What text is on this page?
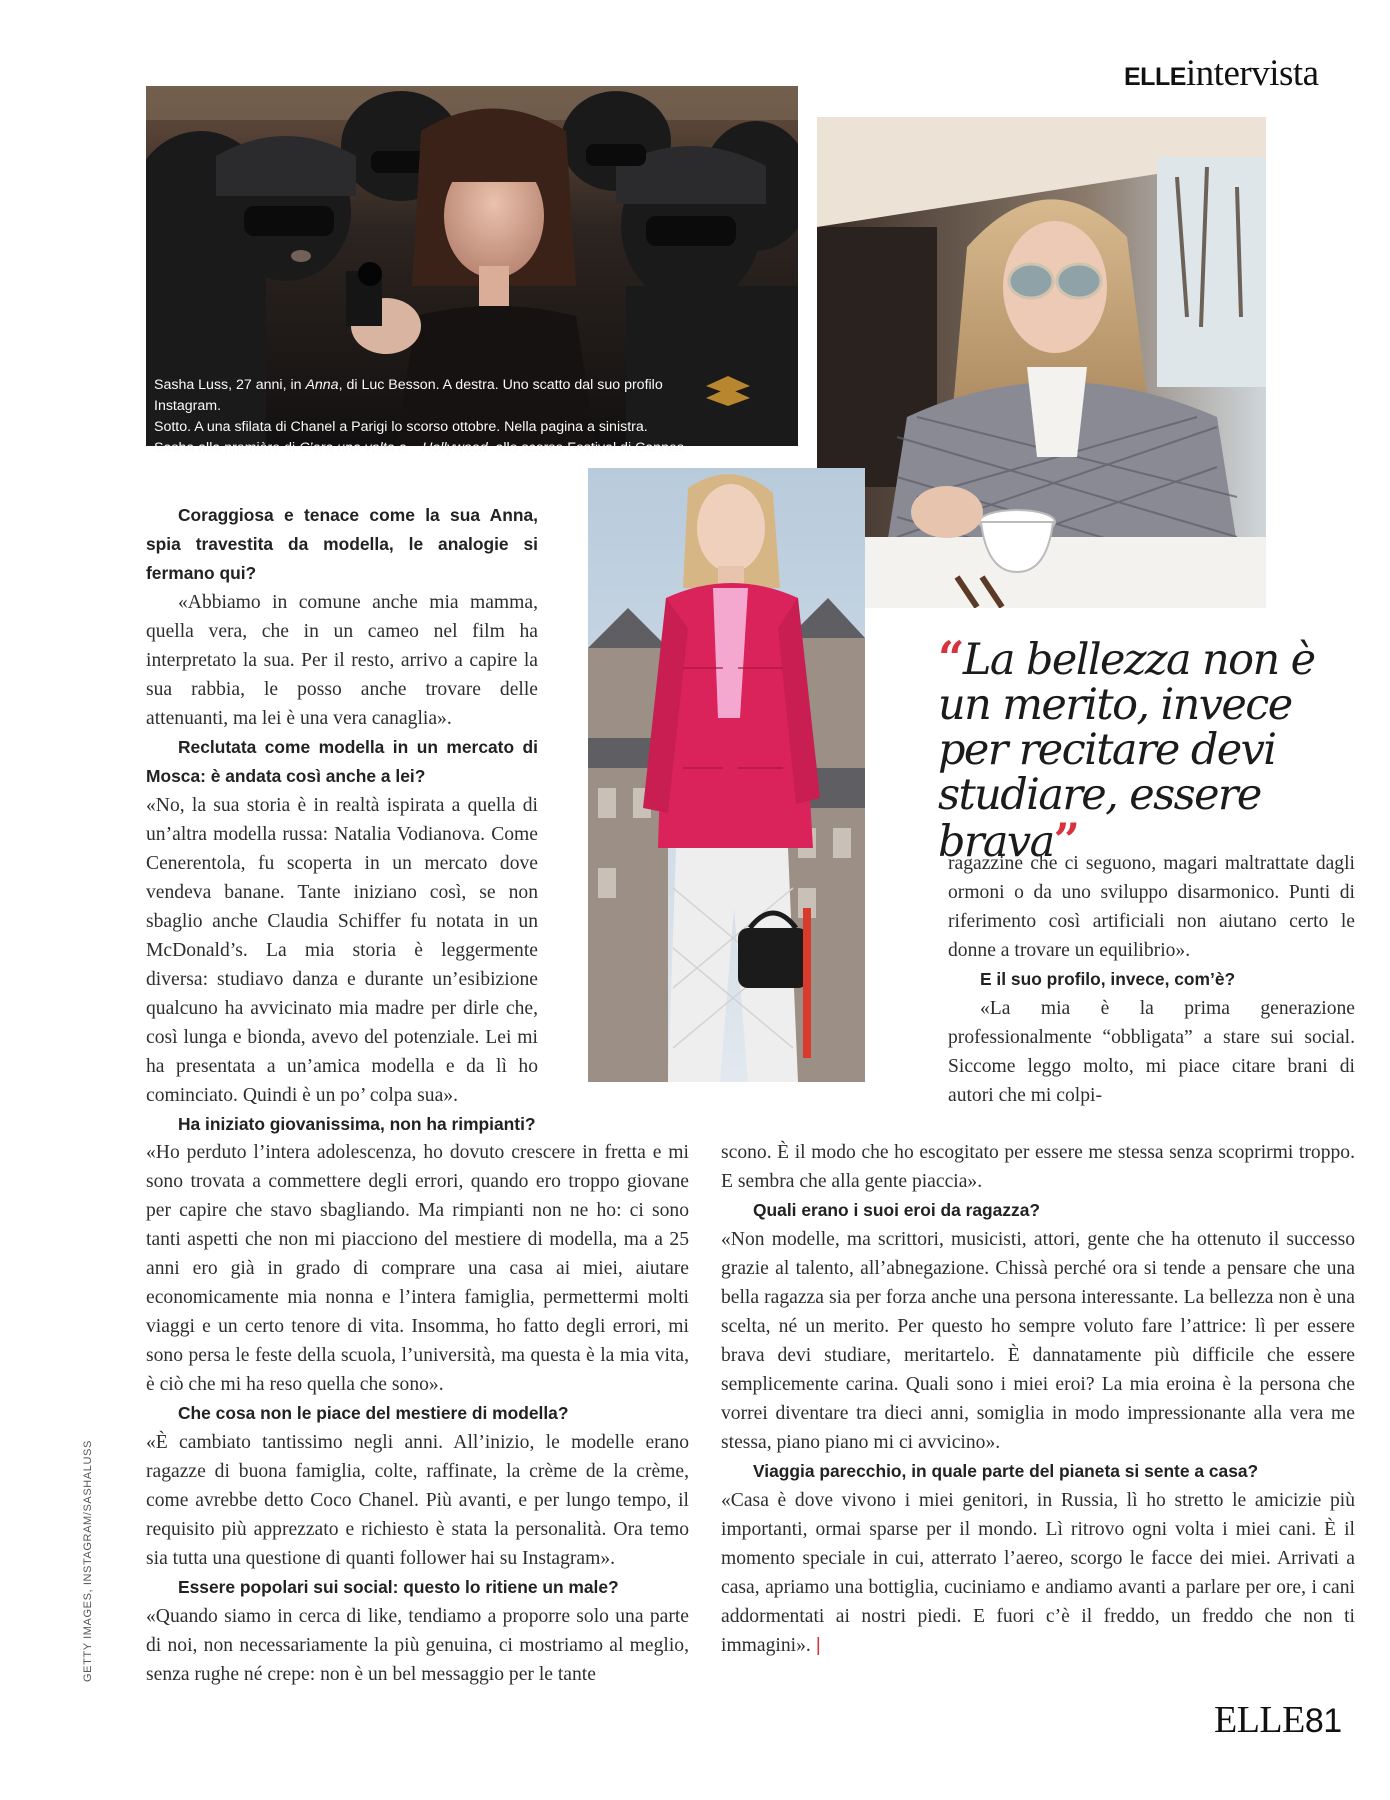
ELLEintervista
Sasha Luss, 27 anni, in Anna, di Luc Besson. A destra. Uno scatto dal suo profilo Instagram.
Sotto. A una sfilata di Chanel a Parigi lo scorso ottobre. Nella pagina a sinistra.
Sasha alla première di C’era una volta a... Hollywood, allo scorso Festival di Cannes.
“La bellezza non è un merito, invece per recitare devi studiare, essere brava”

Coraggiosa e tenace come la sua Anna, spia travestita da modella, le analogie si fermano qui?

«Abbiamo in comune anche mia mamma, quella vera, che in un cameo nel film ha interpretato la sua. Per il resto, arrivo a capire la sua rabbia, le posso anche trovare delle attenuanti, ma lei è una vera canaglia».

Reclutata come modella in un mercato di Mosca: è andata così anche a lei?

«No, la sua storia è in realtà ispirata a quella di un’altra modella russa: Natalia Vodianova. Come Cenerentola, fu scoperta in un mercato dove vendeva banane. Tante iniziano così, se non sbaglio anche Claudia Schiffer fu notata in un McDonald’s. La mia storia è leggermente diversa: studiavo danza e durante un’esibizione qualcuno ha avvicinato mia madre per dirle che, così lunga e bionda, avevo del potenziale. Lei mi ha presentata a un’amica modella e da lì ho cominciato. Quindi è un po’ colpa sua».

Ha iniziato giovanissima, non ha rimpianti?

«Ho perduto l’intera adolescenza, ho dovuto crescere in fretta e mi sono trovata a commettere degli errori, quando ero troppo giovane per capire che stavo sbagliando. Ma rimpianti non ne ho: ci sono tanti aspetti che non mi piacciono del mestiere di modella, ma a 25 anni ero già in grado di comprare una casa ai miei, aiutare economicamente mia nonna e l’intera famiglia, permettermi molti viaggi e un certo tenore di vita. Insomma, ho fatto degli errori, mi sono persa le feste della scuola, l’università, ma questa è la mia vita, è ciò che mi ha reso quella che sono».

Che cosa non le piace del mestiere di modella?

«È cambiato tantissimo negli anni. All’inizio, le modelle erano ragazze di buona famiglia, colte, raffinate, la crème de la crème, come avrebbe detto Coco Chanel. Più avanti, e per lungo tempo, il requisito più apprezzato e richiesto è stata la personalità. Ora temo sia tutta una questione di quanti follower hai su Instagram».

Essere popolari sui social: questo lo ritiene un male?

«Quando siamo in cerca di like, tendiamo a proporre solo una parte di noi, non necessariamente la più genuina, ci mostriamo al meglio, senza rughe né crepe: non è un bel messaggio per le tante

ragazzine che ci seguono, magari maltrattate dagli ormoni o da uno sviluppo disarmonico. Punti di riferimento così artificiali non aiutano certo le donne a trovare un equilibrio».

E il suo profilo, invece, com’è?

«La mia è la prima generazione professionalmente “obbligata” a stare sui social. Siccome leggo molto, mi piace citare brani di autori che mi colpi-

scono. È il modo che ho escogitato per essere me stessa senza scoprirmi troppo. E sembra che alla gente piaccia».

Quali erano i suoi eroi da ragazza?

«Non modelle, ma scrittori, musicisti, attori, gente che ha ottenuto il successo grazie al talento, all’abnegazione. Chissà perché ora si tende a pensare che una bella ragazza sia per forza anche una persona interessante. La bellezza non è una scelta, né un merito. Per questo ho sempre voluto fare l’attrice: lì per essere brava devi studiare, meritartelo. È dannatamente più difficile che essere semplicemente carina. Quali sono i miei eroi? La mia eroina è la persona che vorrei diventare tra dieci anni, somiglia in modo impressionante alla vera me stessa, piano piano mi ci avvicino».

Viaggia parecchio, in quale parte del pianeta si sente a casa?

«Casa è dove vivono i miei genitori, in Russia, lì ho stretto le amicizie più importanti, ormai sparse per il mondo. Lì ritrovo ogni volta i miei cani. È il momento speciale in cui, atterrato l’aereo, scorgo le facce dei miei. Arrivati a casa, apriamo una bottiglia, cuciniamo e andiamo avanti a parlare per ore, i cani addormentati ai nostri piedi. E fuori c’è il freddo, un freddo che non ti immagini». |

GETTY IMAGES, INSTAGRAM/SASHALUSS
ELLE81
